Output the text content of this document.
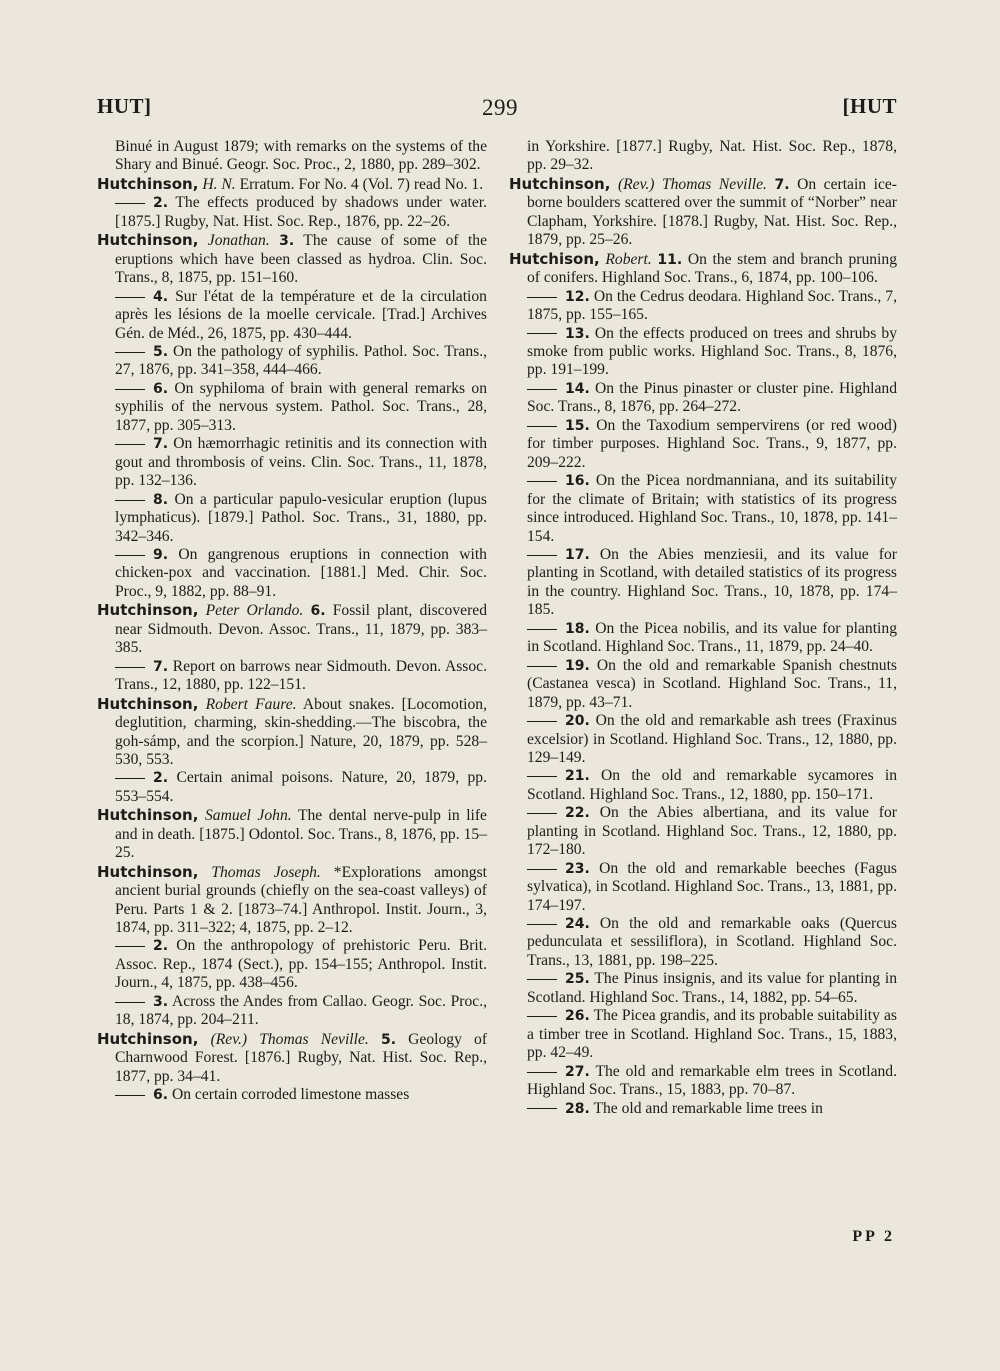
HUT]	299	[HUT
Binué in August 1879; with remarks on the systems of the Shary and Binué. Geogr. Soc. Proc., 2, 1880, pp. 289–302.
Hutchinson, H. N. Erratum. For No. 4 (Vol. 7) read No. 1.
2. The effects produced by shadows under water. [1875.] Rugby, Nat. Hist. Soc. Rep., 1876, pp. 22–26.
Hutchinson, Jonathan. 3. The cause of some of the eruptions which have been classed as hydroa. Clin. Soc. Trans., 8, 1875, pp. 151–160.
4. Sur l'état de la température et de la circulation après les lésions de la moelle cervicale. [Trad.] Archives Gén. de Méd., 26, 1875, pp. 430–444.
5. On the pathology of syphilis. Pathol. Soc. Trans., 27, 1876, pp. 341–358, 444–466.
6. On syphiloma of brain with general remarks on syphilis of the nervous system. Pathol. Soc. Trans., 28, 1877, pp. 305–313.
7. On hæmorrhagic retinitis and its connection with gout and thrombosis of veins. Clin. Soc. Trans., 11, 1878, pp. 132–136.
8. On a particular papulo-vesicular eruption (lupus lymphaticus). [1879.] Pathol. Soc. Trans., 31, 1880, pp. 342–346.
9. On gangrenous eruptions in connection with chicken-pox and vaccination. [1881.] Med. Chir. Soc. Proc., 9, 1882, pp. 88–91.
Hutchinson, Peter Orlando. 6. Fossil plant, discovered near Sidmouth. Devon. Assoc. Trans., 11, 1879, pp. 383–385.
7. Report on barrows near Sidmouth. Devon. Assoc. Trans., 12, 1880, pp. 122–151.
Hutchinson, Robert Faure. About snakes. [Locomotion, deglutition, charming, skin-shedding.—The biscobra, the goh-sámp, and the scorpion.] Nature, 20, 1879, pp. 528–530, 553.
2. Certain animal poisons. Nature, 20, 1879, pp. 553–554.
Hutchinson, Samuel John. The dental nerve-pulp in life and in death. [1875.] Odontol. Soc. Trans., 8, 1876, pp. 15–25.
Hutchinson, Thomas Joseph. *Explorations amongst ancient burial grounds (chiefly on the sea-coast valleys) of Peru. Parts 1 & 2. [1873–74.] Anthropol. Instit. Journ., 3, 1874, pp. 311–322; 4, 1875, pp. 2–12.
2. On the anthropology of prehistoric Peru. Brit. Assoc. Rep., 1874 (Sect.), pp. 154–155; Anthropol. Instit. Journ., 4, 1875, pp. 438–456.
3. Across the Andes from Callao. Geogr. Soc. Proc., 18, 1874, pp. 204–211.
Hutchinson, (Rev.) Thomas Neville. 5. Geology of Charnwood Forest. [1876.] Rugby, Nat. Hist. Soc. Rep., 1877, pp. 34–41.
6. On certain corroded limestone masses
in Yorkshire. [1877.] Rugby, Nat. Hist. Soc. Rep., 1878, pp. 29–32.
Hutchinson, (Rev.) Thomas Neville. 7. On certain ice-borne boulders scattered over the summit of “Norber” near Clapham, Yorkshire. [1878.] Rugby, Nat. Hist. Soc. Rep., 1879, pp. 25–26.
Hutchison, Robert. 11. On the stem and branch pruning of conifers. Highland Soc. Trans., 6, 1874, pp. 100–106.
12. On the Cedrus deodara. Highland Soc. Trans., 7, 1875, pp. 155–165.
13. On the effects produced on trees and shrubs by smoke from public works. Highland Soc. Trans., 8, 1876, pp. 191–199.
14. On the Pinus pinaster or cluster pine. Highland Soc. Trans., 8, 1876, pp. 264–272.
15. On the Taxodium sempervirens (or red wood) for timber purposes. Highland Soc. Trans., 9, 1877, pp. 209–222.
16. On the Picea nordmanniana, and its suitability for the climate of Britain; with statistics of its progress since introduced. Highland Soc. Trans., 10, 1878, pp. 141–154.
17. On the Abies menziesii, and its value for planting in Scotland, with detailed statistics of its progress in the country. Highland Soc. Trans., 10, 1878, pp. 174–185.
18. On the Picea nobilis, and its value for planting in Scotland. Highland Soc. Trans., 11, 1879, pp. 24–40.
19. On the old and remarkable Spanish chestnuts (Castanea vesca) in Scotland. Highland Soc. Trans., 11, 1879, pp. 43–71.
20. On the old and remarkable ash trees (Fraxinus excelsior) in Scotland. Highland Soc. Trans., 12, 1880, pp. 129–149.
21. On the old and remarkable sycamores in Scotland. Highland Soc. Trans., 12, 1880, pp. 150–171.
22. On the Abies albertiana, and its value for planting in Scotland. Highland Soc. Trans., 12, 1880, pp. 172–180.
23. On the old and remarkable beeches (Fagus sylvatica), in Scotland. Highland Soc. Trans., 13, 1881, pp. 174–197.
24. On the old and remarkable oaks (Quercus pedunculata et sessiliflora), in Scotland. Highland Soc. Trans., 13, 1881, pp. 198–225.
25. The Pinus insignis, and its value for planting in Scotland. Highland Soc. Trans., 14, 1882, pp. 54–65.
26. The Picea grandis, and its probable suitability as a timber tree in Scotland. Highland Soc. Trans., 15, 1883, pp. 42–49.
27. The old and remarkable elm trees in Scotland. Highland Soc. Trans., 15, 1883, pp. 70–87.
28. The old and remarkable lime trees in
PP 2
